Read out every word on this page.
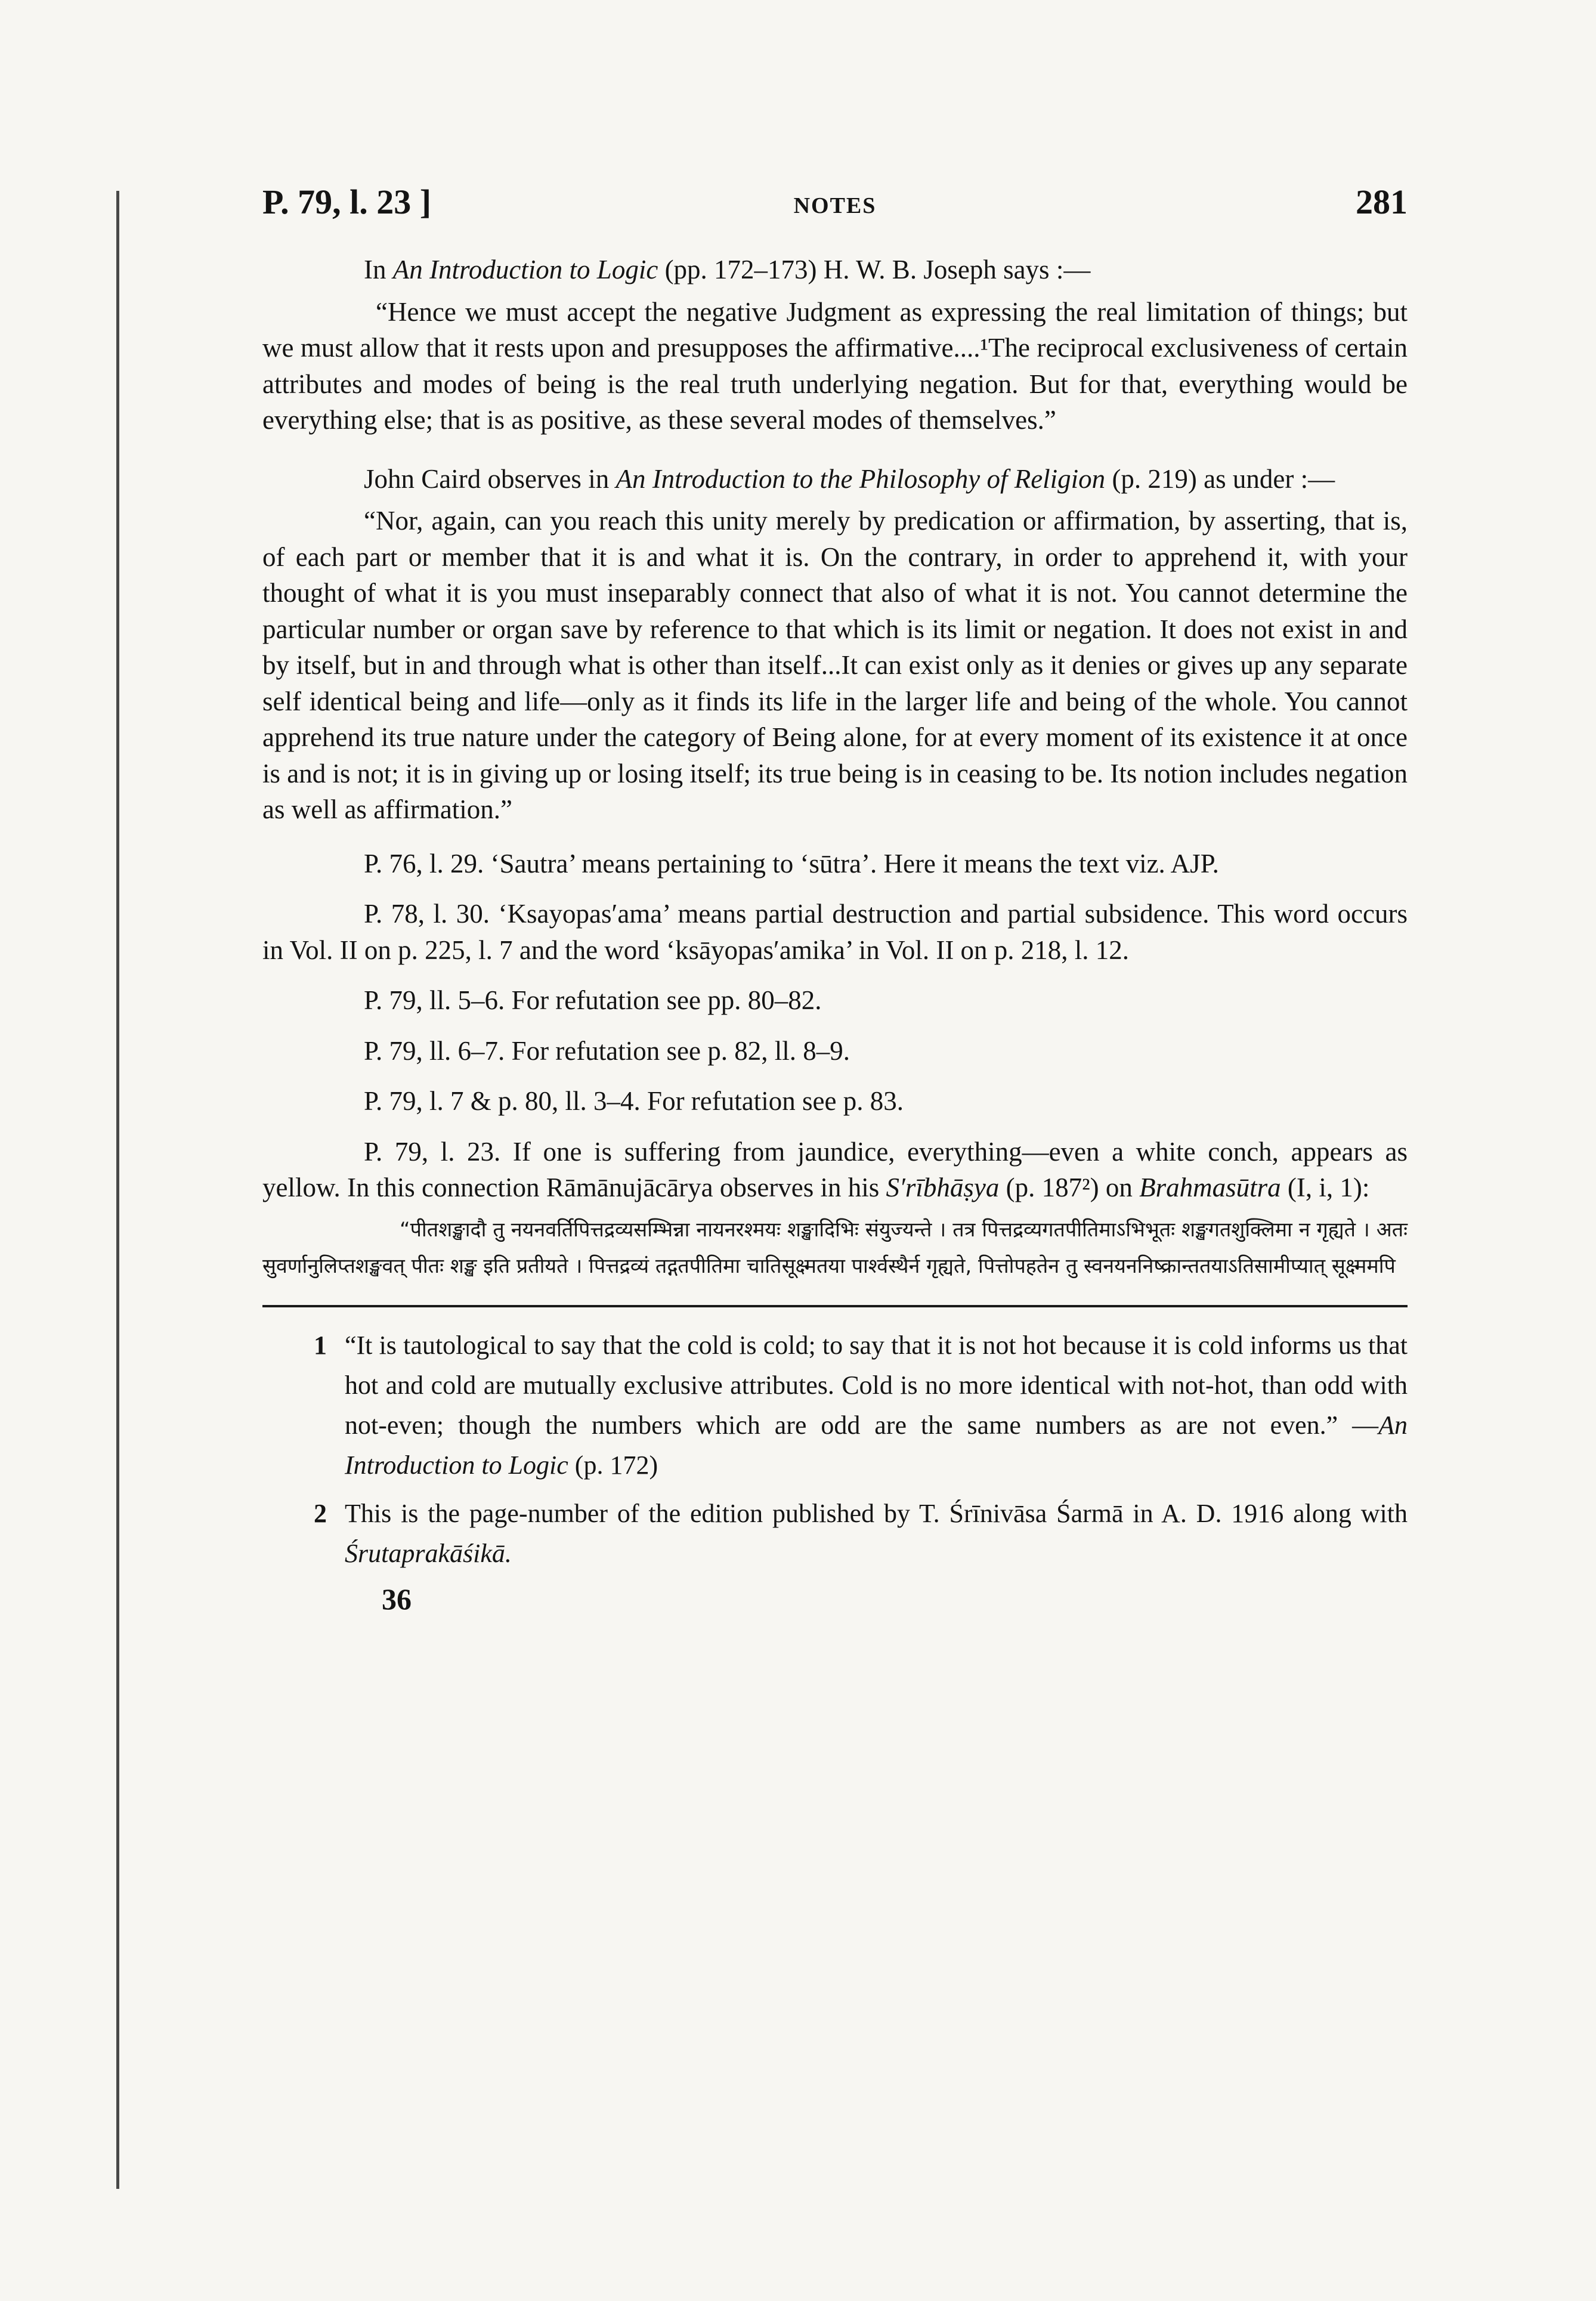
P. 79, l. 23 ]	NOTES	281

In An Introduction to Logic (pp. 172–173) H. W. B. Joseph says :—

“Hence we must accept the negative Judgment as expressing the real limitation of things; but we must allow that it rests upon and presupposes the affirmative....¹The reciprocal exclusiveness of certain attributes and modes of being is the real truth underlying negation. But for that, everything would be everything else; that is as positive, as these several modes of themselves.”

John Caird observes in An Introduction to the Philosophy of Religion (p. 219) as under :—

“Nor, again, can you reach this unity merely by predication or affirmation, by asserting, that is, of each part or member that it is and what it is. On the contrary, in order to apprehend it, with your thought of what it is you must inseparably connect that also of what it is not. You cannot determine the particular number or organ save by reference to that which is its limit or negation. It does not exist in and by itself, but in and through what is other than itself...It can exist only as it denies or gives up any separate self identical being and life—only as it finds its life in the larger life and being of the whole. You cannot apprehend its true nature under the category of Being alone, for at every moment of its existence it at once is and is not; it is in giving up or losing itself; its true being is in ceasing to be. Its notion includes negation as well as affirmation.”

P. 76, l. 29. ‘Sautra’ means pertaining to ‘sūtra’. Here it means the text viz. AJP.

P. 78, l. 30. ‘Ksayopas′ama’ means partial destruction and partial subsidence. This word occurs in Vol. II on p. 225, l. 7 and the word ‘ksāyopas′amika’ in Vol. II on p. 218, l. 12.

P. 79, ll. 5–6. For refutation see pp. 80–82.

P. 79, ll. 6–7. For refutation see p. 82, ll. 8–9.

P. 79, l. 7 & p. 80, ll. 3–4. For refutation see p. 83.

P. 79, l. 23. If one is suffering from jaundice, everything—even a white conch, appears as yellow. In this connection Rāmānujācārya observes in his S′rībhāṣya (p. 187²) on Brahmasūtra (I, i, 1):

“पीतशङ्खादौ तु नयनवर्तिपित्तद्रव्यसम्भिन्ना नायनरश्मयः शङ्खादिभिः संयुज्यन्ते । तत्र पित्तद्रव्यगतपीतिमाऽभिभूतः शङ्खगतशुक्लिमा न गृह्यते । अतः सुवर्णानुलिप्तशङ्खवत् पीतः शङ्ख इति प्रतीयते । पित्तद्रव्यं तद्गतपीतिमा चातिसूक्ष्मतया पार्श्वस्थैर्न गृह्यते, पित्तोपहतेन तु स्वनयननिष्क्रान्ततयाऽतिसामीप्यात् सूक्ष्ममपि

1 “It is tautological to say that the cold is cold; to say that it is not hot because it is cold informs us that hot and cold are mutually exclusive attributes. Cold is no more identical with not-hot, than odd with not-even; though the numbers which are odd are the same numbers as are not even.” —An Introduction to Logic (p. 172)
2 This is the page-number of the edition published by T. Śrīnivāsa Śarmā in A. D. 1916 along with Śrutaprakāśikā.
36
